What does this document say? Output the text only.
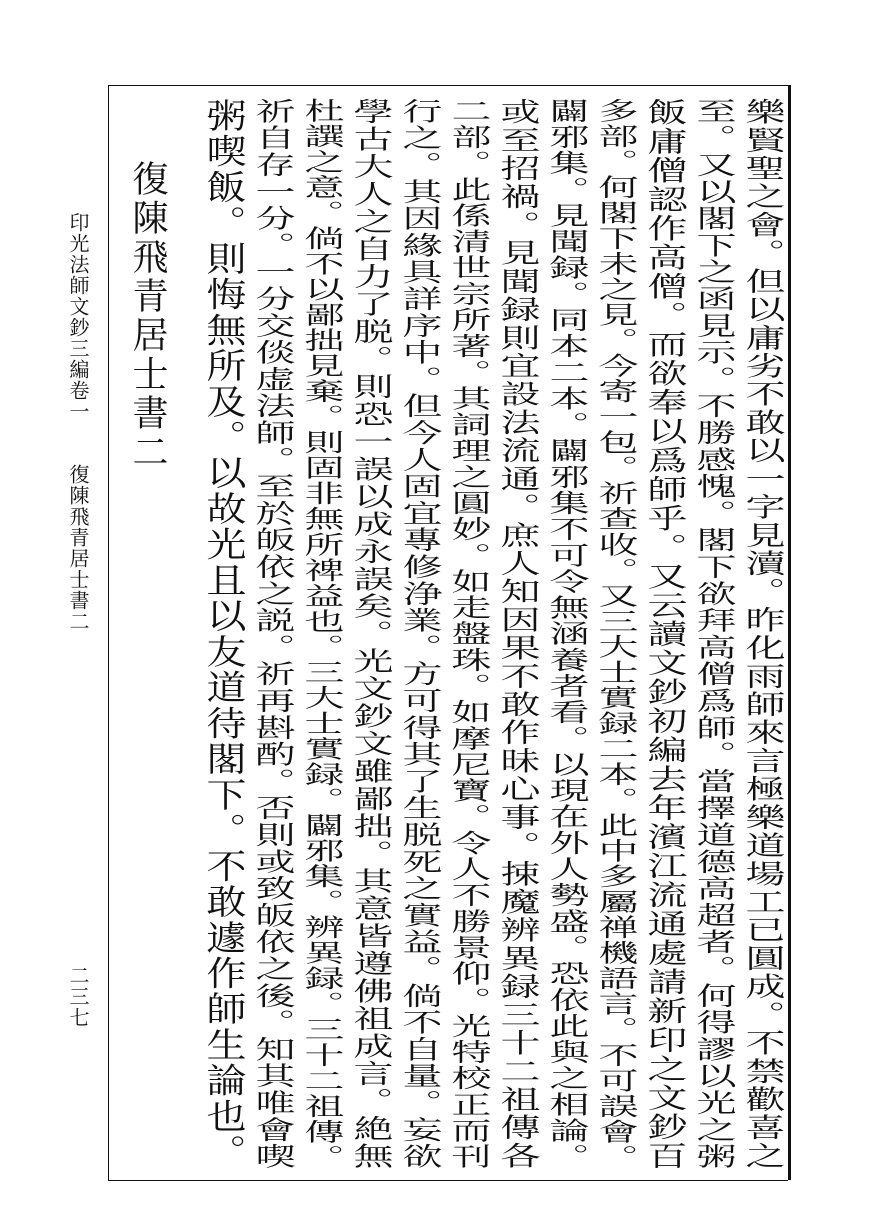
印光法師文鈔三編卷一
復陳飛青居士書二
二三七	樂賢聖之會。但以庸劣不敢以一字見瀆。昨化雨師來言極樂道場工已圓成。不禁歡喜之
至。又以閣下之函見示。不勝感愧。閣下欲拜高僧爲師。當擇道德高超者。何得謬以光之粥
飯庸僧認作高僧。而欲奉以爲師乎。又云讀文鈔初編去年濱江流通處請新印之文鈔百
多部。何閣下未之見。今寄一包。祈查收。又三大士實録二本。此中多屬禅機語言。不可誤會。
闢邪集。見聞録。同本二本。闢邪集不可令無涵養者看。以現在外人勢盛。恐依此與之相論。
或至招禍。見聞録則宜設法流通。庶人知因果不敢作昧心事。捒魔辨異録三十二祖傳各
二部。此係清世宗所著。其詞理之圓妙。如走盤珠。如摩尼寶。令人不勝景仰。光特校正而刊
行之。其因緣具詳序中。但今人固宜專修浄業。方可得其了生脱死之實益。倘不自量。妄欲
學古大人之自力了脱。則恐一誤以成永誤矣。光文鈔文雖鄙拙。其意皆遵佛祖成言。絶無
杜譔之意。倘不以鄙拙見棄。則固非無所禆益也。三大士實録。闢邪集。辨異録。三十二祖傳。
祈自存一分。一分交倓虚法師。至於皈依之説。祈再斟酌。否則或致皈依之後。知其唯會喫
粥喫飯。則悔無所及。以故光且以友道待閣下。不敢遽作師生論也。
復陳飛青居士書二
